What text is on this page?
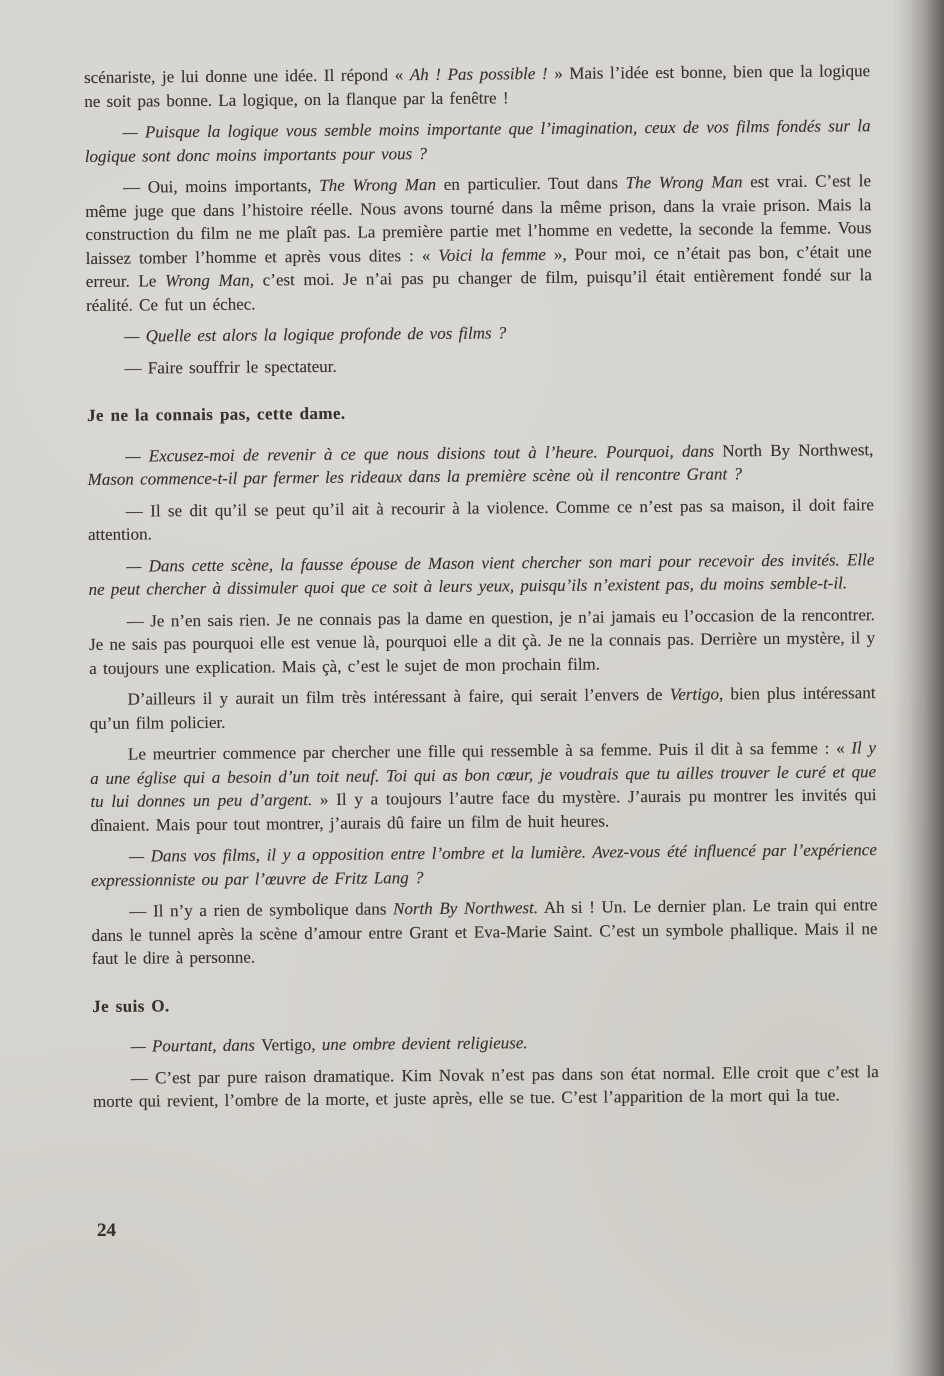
scénariste, je lui donne une idée. Il répond « Ah ! Pas possible ! » Mais l’idée est bonne, bien que la logique ne soit pas bonne. La logique, on la flanque par la fenêtre !

— Puisque la logique vous semble moins importante que l’imagination, ceux de vos films fondés sur la logique sont donc moins importants pour vous ?

— Oui, moins importants, The Wrong Man en particulier. Tout dans The Wrong Man est vrai. C’est le même juge que dans l’histoire réelle. Nous avons tourné dans la même prison, dans la vraie prison. Mais la construction du film ne me plaît pas. La première partie met l’homme en vedette, la seconde la femme. Vous laissez tomber l’homme et après vous dites : « Voici la femme », Pour moi, ce n’était pas bon, c’était une erreur. Le Wrong Man, c’est moi. Je n’ai pas pu changer de film, puisqu’il était entièrement fondé sur la réalité. Ce fut un échec.

— Quelle est alors la logique profonde de vos films ?

— Faire souffrir le spectateur.

Je ne la connais pas, cette dame.

— Excusez-moi de revenir à ce que nous disions tout à l’heure. Pourquoi, dans North By Northwest, Mason commence-t-il par fermer les rideaux dans la première scène où il rencontre Grant ?

— Il se dit qu’il se peut qu’il ait à recourir à la violence. Comme ce n’est pas sa maison, il doit faire attention.

— Dans cette scène, la fausse épouse de Mason vient chercher son mari pour recevoir des invités. Elle ne peut chercher à dissimuler quoi que ce soit à leurs yeux, puisqu’ils n’existent pas, du moins semble-t-il.

— Je n’en sais rien. Je ne connais pas la dame en question, je n’ai jamais eu l’occasion de la rencontrer. Je ne sais pas pourquoi elle est venue là, pourquoi elle a dit çà. Je ne la connais pas. Derrière un mystère, il y a toujours une explication. Mais çà, c’est le sujet de mon prochain film.

D’ailleurs il y aurait un film très intéressant à faire, qui serait l’envers de Vertigo, bien plus intéressant qu’un film policier.

Le meurtrier commence par chercher une fille qui ressemble à sa femme. Puis il dit à sa femme : « Il y a une église qui a besoin d’un toit neuf. Toi qui as bon cœur, je voudrais que tu ailles trouver le curé et que tu lui donnes un peu d’argent. » Il y a toujours l’autre face du mystère. J’aurais pu montrer les invités qui dînaient. Mais pour tout montrer, j’aurais dû faire un film de huit heures.

— Dans vos films, il y a opposition entre l’ombre et la lumière. Avez-vous été influencé par l’expérience expressionniste ou par l’œuvre de Fritz Lang ?

— Il n’y a rien de symbolique dans North By Northwest. Ah si ! Un. Le dernier plan. Le train qui entre dans le tunnel après la scène d’amour entre Grant et Eva-Marie Saint. C’est un symbole phallique. Mais il ne faut le dire à personne.

Je suis O.

— Pourtant, dans Vertigo, une ombre devient religieuse.

— C’est par pure raison dramatique. Kim Novak n’est pas dans son état normal. Elle croit que c’est la morte qui revient, l’ombre de la morte, et juste après, elle se tue. C’est l’apparition de la mort qui la tue.

24
